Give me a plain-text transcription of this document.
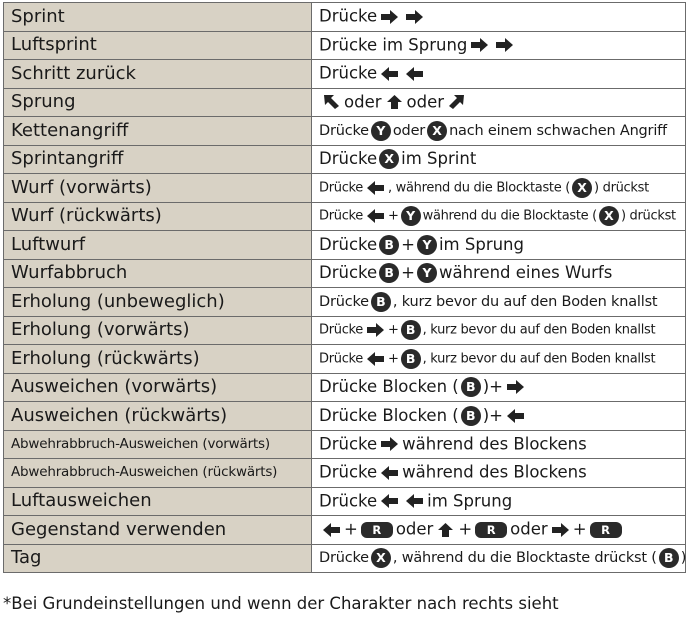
Sprint	Drücke

Luftsprint	Drücke im Sprung

Schritt zurück	Drücke

Sprung	oder oder

Kettenangriff	Drücke Y oder X nach einem schwachen Angriff
Sprintangriff	Drücke X im Sprint
Wurf (vorwärts)	Drücke , während du die Blocktaste ( X ) drückst
Wurf (rückwärts)	Drücke + Y während du die Blocktaste ( X ) drückst
Luftwurf	Drücke B + Y im Sprung
Wurfabbruch	Drücke B + Y während eines Wurfs
Erholung (unbeweglich)	Drücke B , kurz bevor du auf den Boden knallst
Erholung (vorwärts)	Drücke + B , kurz bevor du auf den Boden knallst
Erholung (rückwärts)	Drücke + B , kurz bevor du auf den Boden knallst
Ausweichen (vorwärts)	Drücke Blocken ( B )+

Ausweichen (rückwärts)	Drücke Blocken ( B )+

Abwehrabbruch-Ausweichen (vorwärts)	Drücke während des Blockens
Abwehrabbruch-Ausweichen (rückwärts)	Drücke während des Blockens
Luftausweichen	Drücke im Sprung
Gegenstand verwenden	+ R oder + R oder + R
Tag	Drücke X , während du die Blocktaste drückst ( B )
*Bei Grundeinstellungen und wenn der Charakter nach rechts sieht
